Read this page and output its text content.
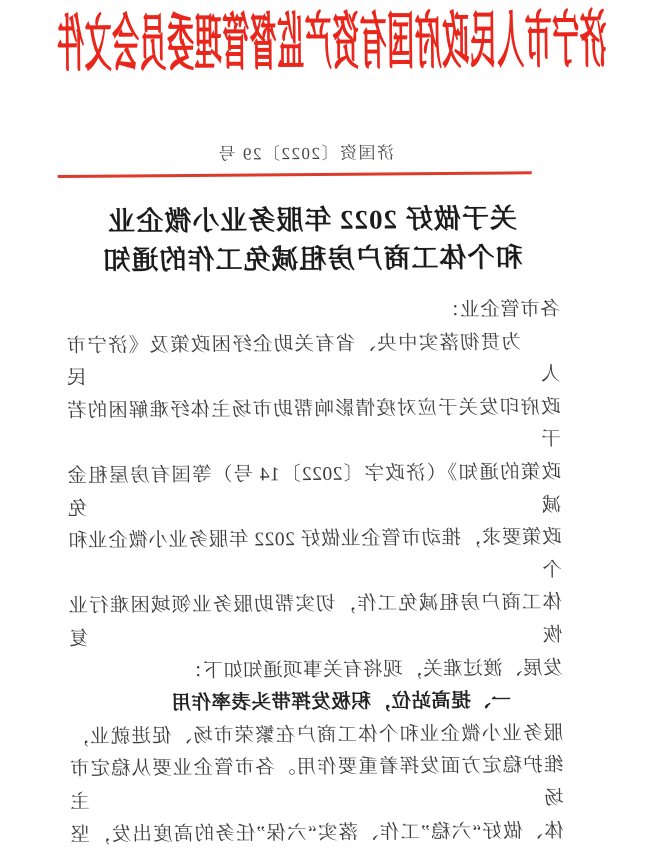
济宁市人民政府国有资产监督管理委员会文件
济国资〔2022〕29 号
关于做好 2022 年服务业小微企业
和个体工商户房租减免工作的通知
各市管企业：
为贯彻落实中央、省有关助企纾困政策及《济宁市人民
政府印发关于应对疫情影响帮助市场主体纾难解困的若干
政策的通知》（济政字〔2022〕14 号）等国有房屋租金减免
政策要求，推动市管企业做好 2022 年服务业小微企业和个
体工商户房租减免工作，切实帮助服务业领域困难行业恢复
发展、渡过难关，现将有关事项通知如下：
一、提高站位，积极发挥带头表率作用
服务业小微企业和个体工商户在繁荣市场、促进就业，
维护稳定方面发挥着重要作用。各市管企业要从稳定市场主
体、做好“六稳”工作、落实“六保”任务的高度出发，坚
